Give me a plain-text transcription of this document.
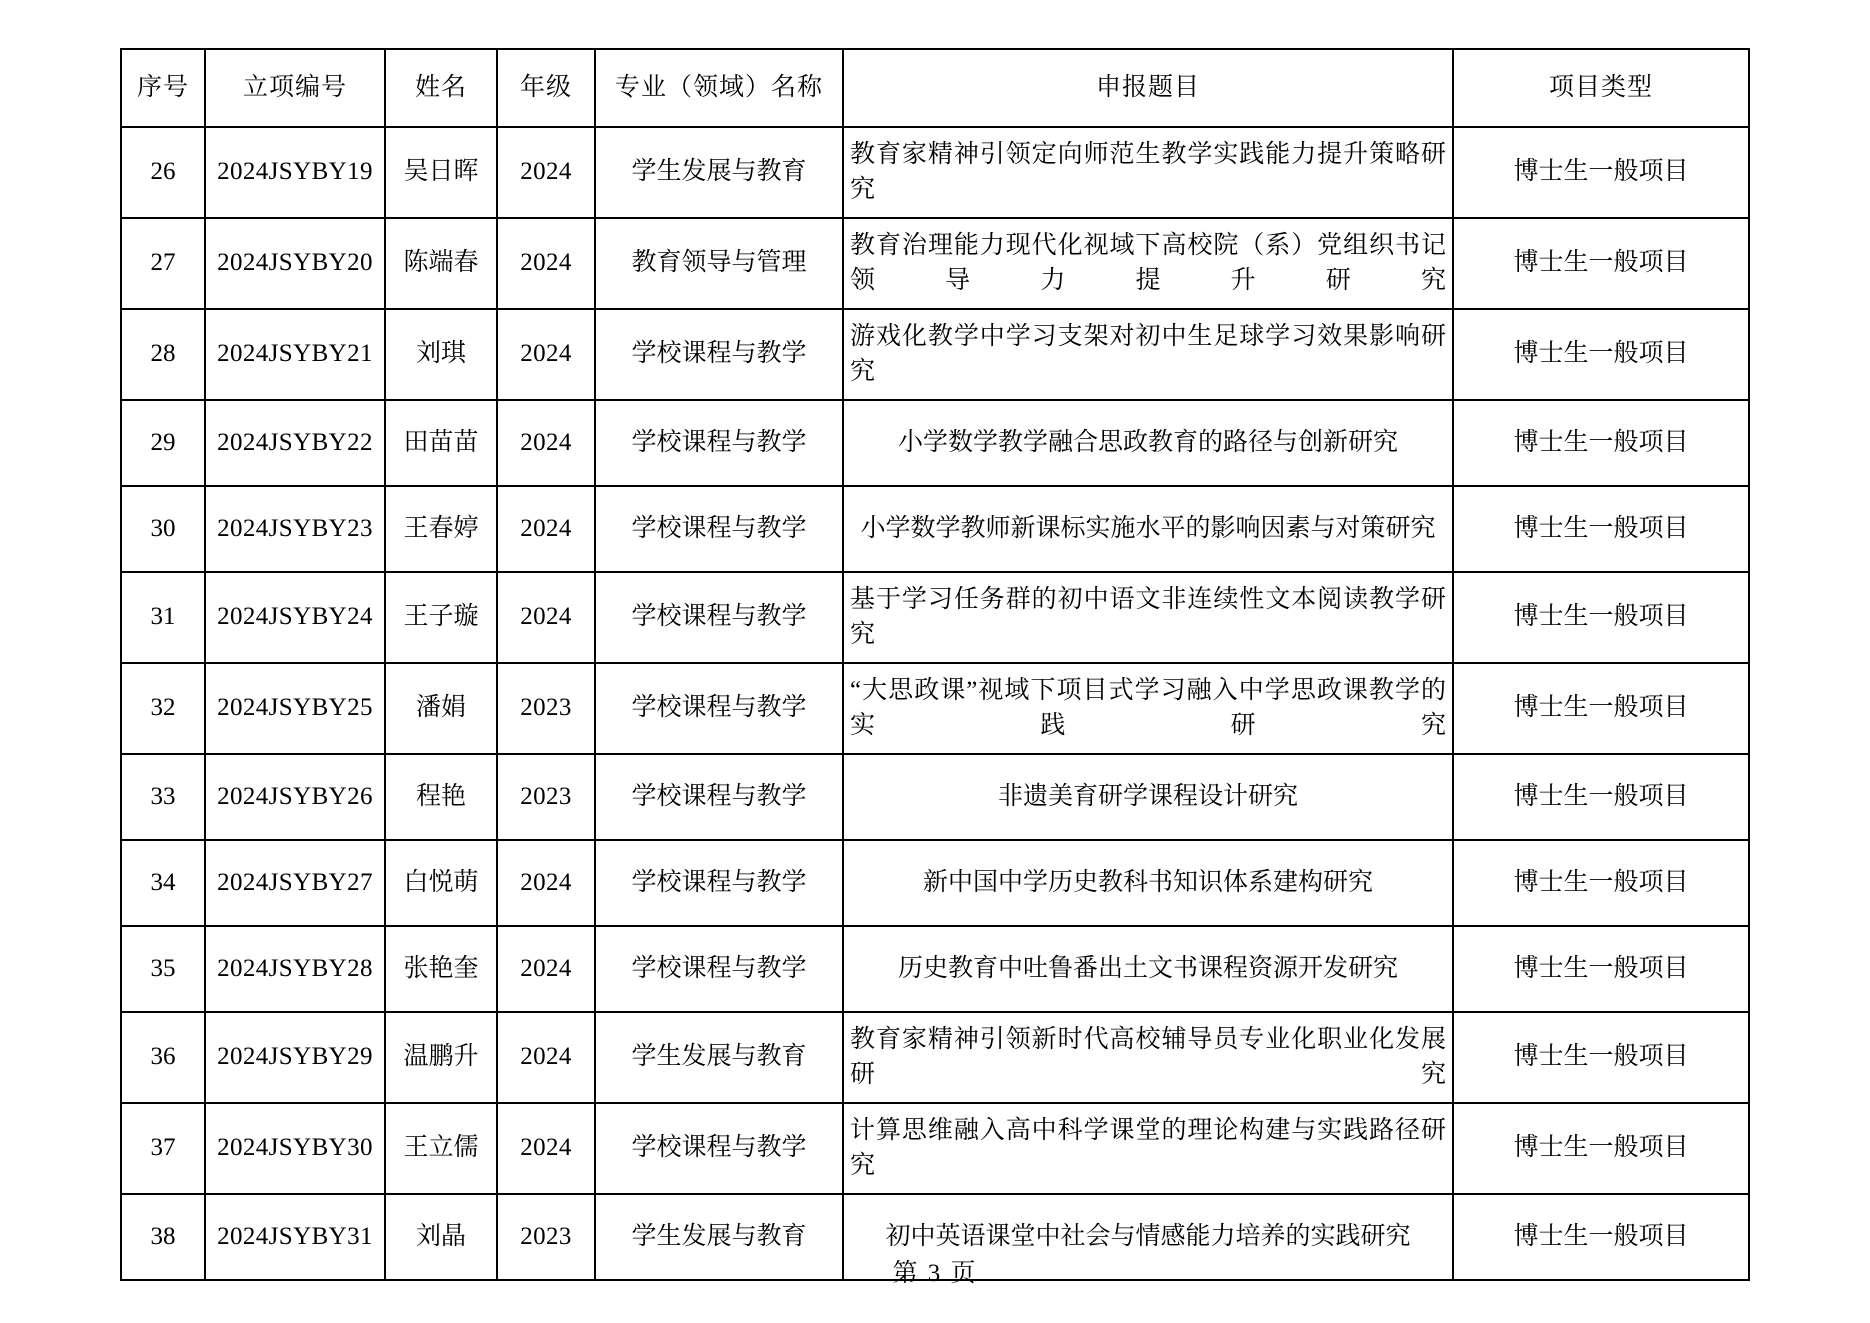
序号	立项编号	姓名	年级	专业（领域）名称	申报题目	项目类型
26	2024JSYBY19	吴日晖	2024	学生发展与教育	教育家精神引领定向师范生教学实践能力提升策略研究	博士生一般项目
27	2024JSYBY20	陈端春	2024	教育领导与管理	教育治理能力现代化视域下高校院（系）党组织书记领导力提升研究	博士生一般项目
28	2024JSYBY21	刘琪	2024	学校课程与教学	游戏化教学中学习支架对初中生足球学习效果影响研究	博士生一般项目
29	2024JSYBY22	田苗苗	2024	学校课程与教学	小学数学教学融合思政教育的路径与创新研究	博士生一般项目
30	2024JSYBY23	王春婷	2024	学校课程与教学	小学数学教师新课标实施水平的影响因素与对策研究	博士生一般项目
31	2024JSYBY24	王子璇	2024	学校课程与教学	基于学习任务群的初中语文非连续性文本阅读教学研究	博士生一般项目
32	2024JSYBY25	潘娟	2023	学校课程与教学	“大思政课”视域下项目式学习融入中学思政课教学的实践研究	博士生一般项目
33	2024JSYBY26	程艳	2023	学校课程与教学	非遗美育研学课程设计研究	博士生一般项目
34	2024JSYBY27	白悦萌	2024	学校课程与教学	新中国中学历史教科书知识体系建构研究	博士生一般项目
35	2024JSYBY28	张艳奎	2024	学校课程与教学	历史教育中吐鲁番出土文书课程资源开发研究	博士生一般项目
36	2024JSYBY29	温鹏升	2024	学生发展与教育	教育家精神引领新时代高校辅导员专业化职业化发展研究	博士生一般项目
37	2024JSYBY30	王立儒	2024	学校课程与教学	计算思维融入高中科学课堂的理论构建与实践路径研究	博士生一般项目
38	2024JSYBY31	刘晶	2023	学生发展与教育	初中英语课堂中社会与情感能力培养的实践研究	博士生一般项目
第 3 页
